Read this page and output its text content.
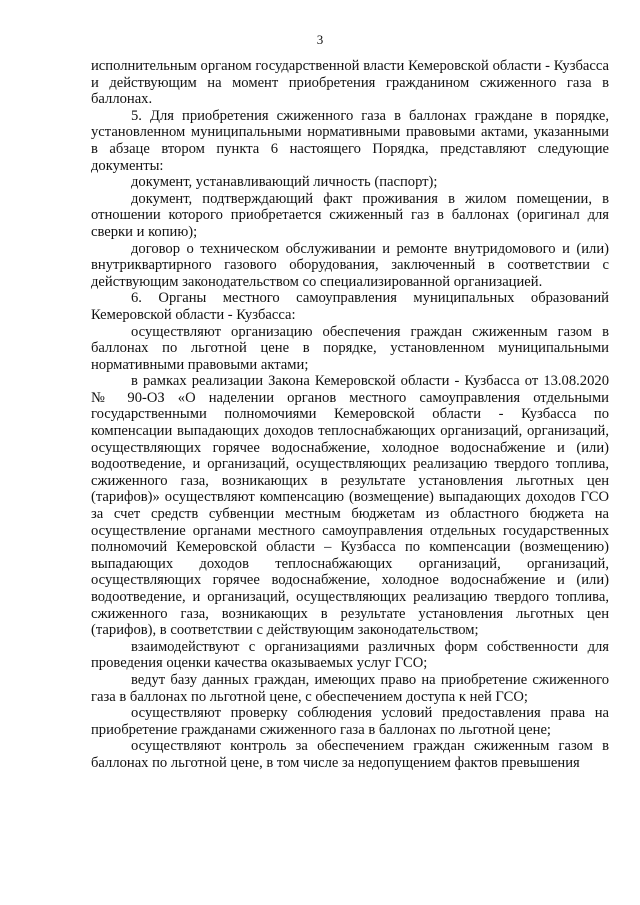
3

исполнительным органом государственной власти Кемеровской области - Кузбасса и действующим на момент приобретения гражданином сжиженного газа в баллонах.

5. Для приобретения сжиженного газа в баллонах граждане в порядке, установленном муниципальными нормативными правовыми актами, указанными в абзаце втором пункта 6 настоящего Порядка, представляют следующие документы:

документ, устанавливающий личность (паспорт);

документ, подтверждающий факт проживания в жилом помещении, в отношении которого приобретается сжиженный газ в баллонах (оригинал для сверки и копию);

договор о техническом обслуживании и ремонте внутридомового и (или) внутриквартирного газового оборудования, заключенный в соответствии с действующим законодательством со специализированной организацией.

6. Органы местного самоуправления муниципальных образований Кемеровской области - Кузбасса:

осуществляют организацию обеспечения граждан сжиженным газом в баллонах по льготной цене в порядке, установленном муниципальными нормативными правовыми актами;

в рамках реализации Закона Кемеровской области - Кузбасса от 13.08.2020 № 90-ОЗ «О наделении органов местного самоуправления отдельными государственными полномочиями Кемеровской области - Кузбасса по компенсации выпадающих доходов теплоснабжающих организаций, организаций, осуществляющих горячее водоснабжение, холодное водоснабжение и (или) водоотведение, и организаций, осуществляющих реализацию твердого топлива, сжиженного газа, возникающих в результате установления льготных цен (тарифов)» осуществляют компенсацию (возмещение) выпадающих доходов ГСО за счет средств субвенции местным бюджетам из областного бюджета на осуществление органами местного самоуправления отдельных государственных полномочий Кемеровской области – Кузбасса по компенсации (возмещению) выпадающих доходов теплоснабжающих организаций, организаций, осуществляющих горячее водоснабжение, холодное водоснабжение и (или) водоотведение, и организаций, осуществляющих реализацию твердого топлива, сжиженного газа, возникающих в результате установления льготных цен (тарифов), в соответствии с действующим законодательством;

взаимодействуют с организациями различных форм собственности для проведения оценки качества оказываемых услуг ГСО;

ведут базу данных граждан, имеющих право на приобретение сжиженного газа в баллонах по льготной цене, с обеспечением доступа к ней ГСО;

осуществляют проверку соблюдения условий предоставления права на приобретение гражданами сжиженного газа в баллонах по льготной цене;

осуществляют контроль за обеспечением граждан сжиженным газом в баллонах по льготной цене, в том числе за недопущением фактов превышения
